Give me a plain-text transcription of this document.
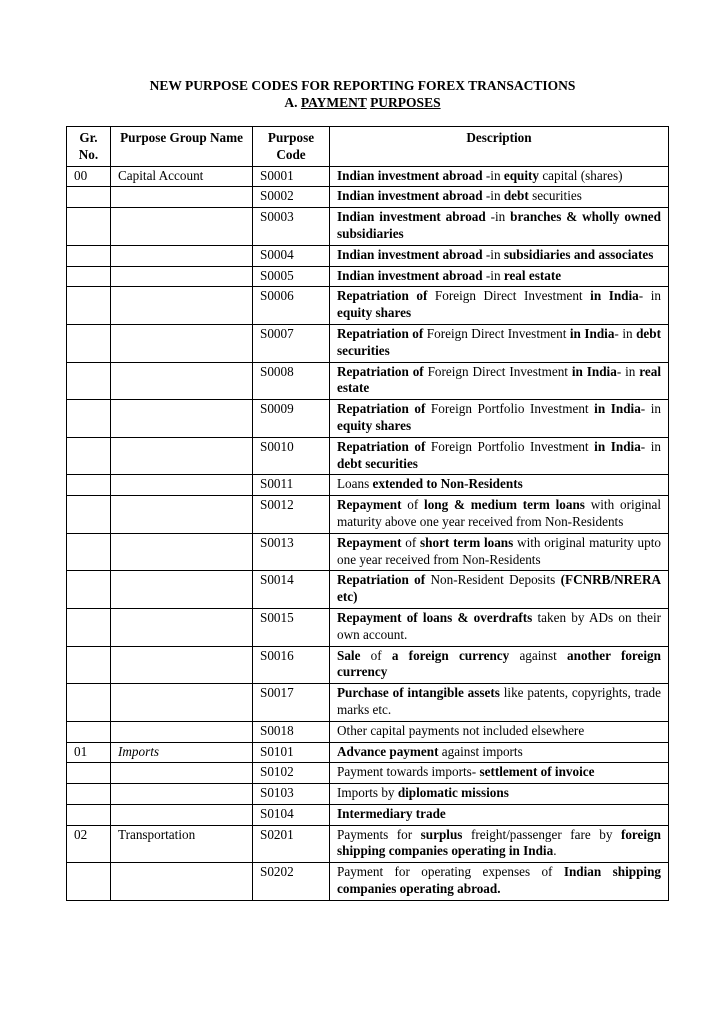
NEW PURPOSE CODES FOR REPORTING FOREX TRANSACTIONS
A. PAYMENT PURPOSES
Gr. No.	Purpose Group Name	Purpose Code	Description
00	Capital Account	S0001	Indian investment abroad -in equity capital (shares)
		S0002	Indian investment abroad -in debt securities
		S0003	Indian investment abroad -in branches & wholly owned subsidiaries
		S0004	Indian investment abroad -in subsidiaries and associates
		S0005	Indian investment abroad -in real estate
		S0006	Repatriation of Foreign Direct Investment in India- in equity shares
		S0007	Repatriation of Foreign Direct Investment in India- in debt securities
		S0008	Repatriation of Foreign Direct Investment in India- in real estate
		S0009	Repatriation of Foreign Portfolio Investment in India- in equity shares
		S0010	Repatriation of Foreign Portfolio Investment in India- in debt securities
		S0011	Loans extended to Non-Residents
		S0012	Repayment of long & medium term loans with original maturity above one year received from Non-Residents
		S0013	Repayment of short term loans with original maturity upto one year received from Non-Residents
		S0014	Repatriation of Non-Resident Deposits (FCNRB/NRERA etc)
		S0015	Repayment of loans & overdrafts taken by ADs on their own account.
		S0016	Sale of a foreign currency against another foreign currency
		S0017	Purchase of intangible assets like patents, copyrights, trade marks etc.
		S0018	Other capital payments not included elsewhere
01	Imports	S0101	Advance payment against imports
		S0102	Payment towards imports- settlement of invoice
		S0103	Imports by diplomatic missions
		S0104	Intermediary trade
02	Transportation	S0201	Payments for surplus freight/passenger fare by foreign shipping companies operating in India.
		S0202	Payment for operating expenses of Indian shipping companies operating abroad.
